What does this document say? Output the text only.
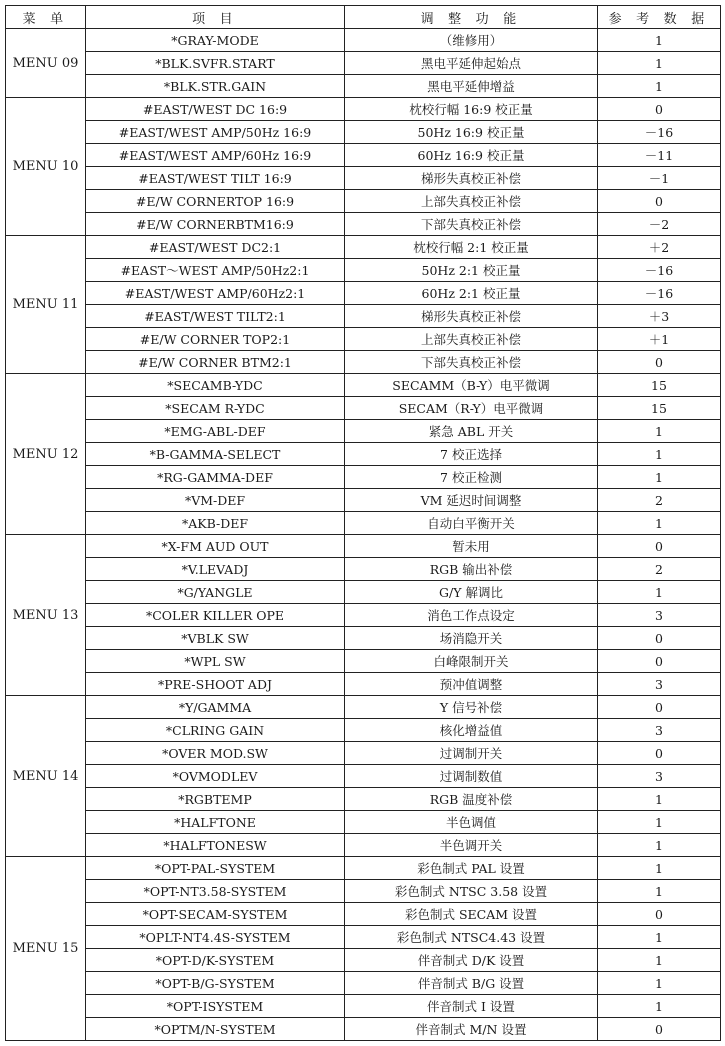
菜 单	项 目	调 整 功 能	参 考 数 据
MENU 09	*GRAY-MODE	（维修用）	1
	*BLK.SVFR.START	黑电平延伸起始点	1
	*BLK.STR.GAIN	黑电平延伸增益	1
MENU 10	#EAST/WEST DC 16:9	枕校行幅 16:9 校正量	0
	#EAST/WEST AMP/50Hz 16:9	50Hz 16:9 校正量	－16
	#EAST/WEST AMP/60Hz 16:9	60Hz 16:9 校正量	－11
	#EAST/WEST TILT 16:9	梯形失真校正补偿	－1
	#E/W CORNERTOP 16:9	上部失真校正补偿	0
	#E/W CORNERBTM16:9	下部失真校正补偿	－2
MENU 11	#EAST/WEST DC2:1	枕校行幅 2:1 校正量	＋2
	#EAST～WEST AMP/50Hz2:1	50Hz 2:1 校正量	－16
	#EAST/WEST AMP/60Hz2:1	60Hz 2:1 校正量	－16
	#EAST/WEST TILT2:1	梯形失真校正补偿	＋3
	#E/W CORNER TOP2:1	上部失真校正补偿	＋1
	#E/W CORNER BTM2:1	下部失真校正补偿	0
MENU 12	*SECAMB-YDC	SECAMM（B-Y）电平微调	15
	*SECAM R-YDC	SECAM（R-Y）电平微调	15
	*EMG-ABL-DEF	紧急 ABL 开关	1
	*B-GAMMA-SELECT	7 校正选择	1
	*RG-GAMMA-DEF	7 校正检测	1
	*VM-DEF	VM 延迟时间调整	2
	*AKB-DEF	自动白平衡开关	1
MENU 13	*X-FM AUD OUT	暂未用	0
	*V.LEVADJ	RGB 输出补偿	2
	*G/YANGLE	G/Y 解调比	1
	*COLER KILLER OPE	消色工作点设定	3
	*VBLK SW	场消隐开关	0
	*WPL SW	白峰限制开关	0
	*PRE-SHOOT ADJ	预冲值调整	3
MENU 14	*Y/GAMMA	Y 信号补偿	0
	*CLRING GAIN	核化增益值	3
	*OVER MOD.SW	过调制开关	0
	*OVMODLEV	过调制数值	3
	*RGBTEMP	RGB 温度补偿	1
	*HALFTONE	半色调值	1
	*HALFTONESW	半色调开关	1
MENU 15	*OPT-PAL-SYSTEM	彩色制式 PAL 设置	1
	*OPT-NT3.58-SYSTEM	彩色制式 NTSC 3.58 设置	1
	*OPT-SECAM-SYSTEM	彩色制式 SECAM 设置	0
	*OPLT-NT4.4S-SYSTEM	彩色制式 NTSC4.43 设置	1
	*OPT-D/K-SYSTEM	伴音制式 D/K 设置	1
	*OPT-B/G-SYSTEM	伴音制式 B/G 设置	1
	*OPT-ISYSTEM	伴音制式 I 设置	1
	*OPTM/N-SYSTEM	伴音制式 M/N 设置	0
